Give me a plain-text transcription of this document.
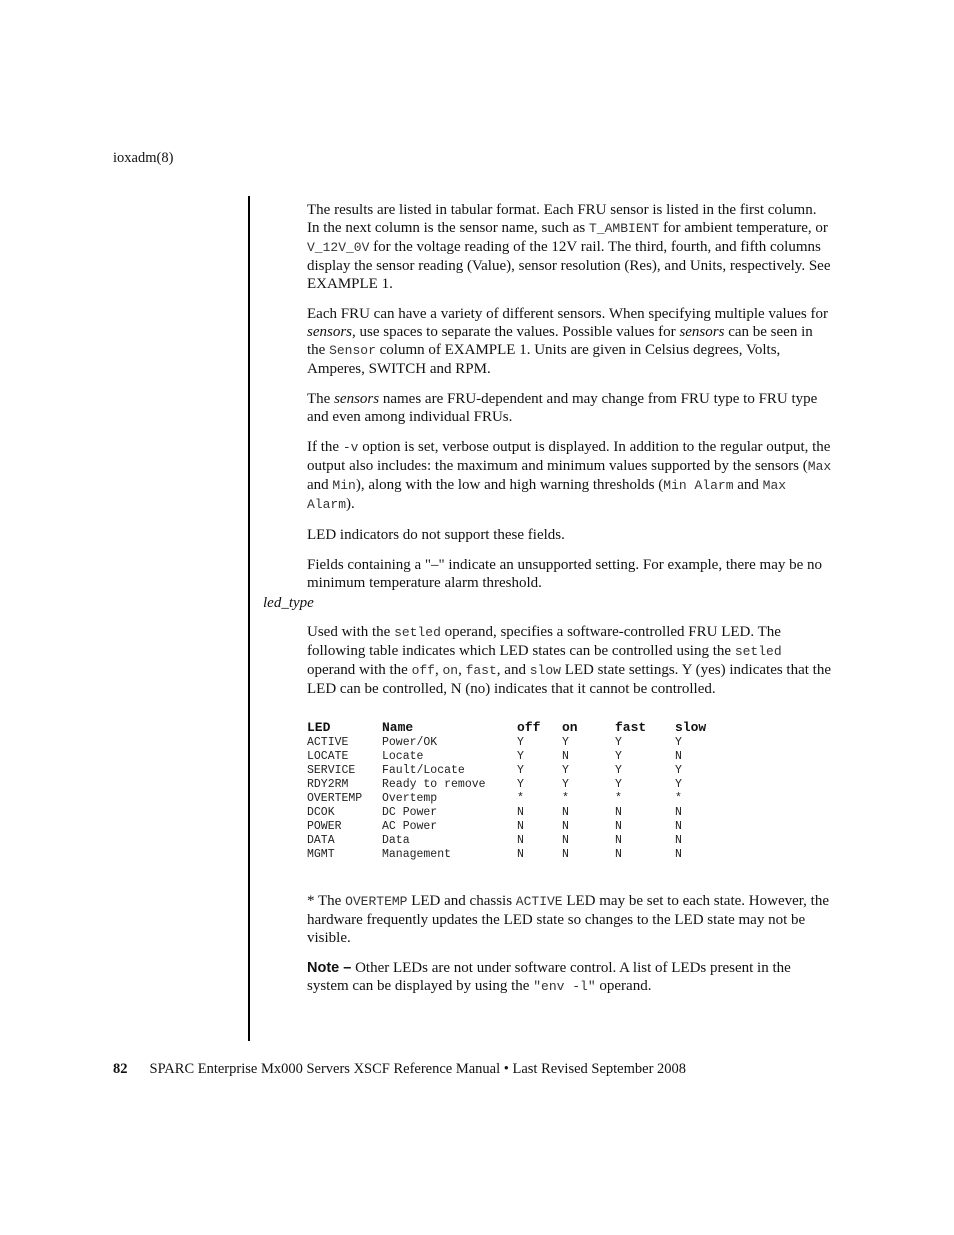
ioxadm(8)

The results are listed in tabular format. Each FRU sensor is listed in the first column. In the next column is the sensor name, such as T_AMBIENT for ambient temperature, or V_12V_0V for the voltage reading of the 12V rail. The third, fourth, and fifth columns display the sensor reading (Value), sensor resolution (Res), and Units, respectively. See EXAMPLE 1.

Each FRU can have a variety of different sensors. When specifying multiple values for sensors, use spaces to separate the values. Possible values for sensors can be seen in the Sensor column of EXAMPLE 1. Units are given in Celsius degrees, Volts, Amperes, SWITCH and RPM.

The sensors names are FRU-dependent and may change from FRU type to FRU type and even among individual FRUs.

If the -v option is set, verbose output is displayed. In addition to the regular output, the output also includes: the maximum and minimum values supported by the sensors (Max and Min), along with the low and high warning thresholds (Min Alarm and Max Alarm).

LED indicators do not support these fields.

Fields containing a "–" indicate an unsupported setting. For example, there may be no minimum temperature alarm threshold.

led_type

Used with the setled operand, specifies a software-controlled FRU LED. The following table indicates which LED states can be controlled using the setled operand with the off, on, fast, and slow LED state settings. Y (yes) indicates that the LED can be controlled, N (no) indicates that it cannot be controlled.

LED	Name	off	on	fast	slow
ACTIVE	Power/OK	Y	Y	Y	Y
LOCATE	Locate	Y	N	Y	N
SERVICE	Fault/Locate	Y	Y	Y	Y
RDY2RM	Ready to remove	Y	Y	Y	Y
OVERTEMP	Overtemp	*	*	*	*
DCOK	DC Power	N	N	N	N
POWER	AC Power	N	N	N	N
DATA	Data	N	N	N	N
MGMT	Management	N	N	N	N

* The OVERTEMP LED and chassis ACTIVE LED may be set to each state. However, the hardware frequently updates the LED state so changes to the LED state may not be visible.

Note – Other LEDs are not under software control. A list of LEDs present in the system can be displayed by using the "env -l" operand.

82 SPARC Enterprise Mx000 Servers XSCF Reference Manual • Last Revised September 2008
